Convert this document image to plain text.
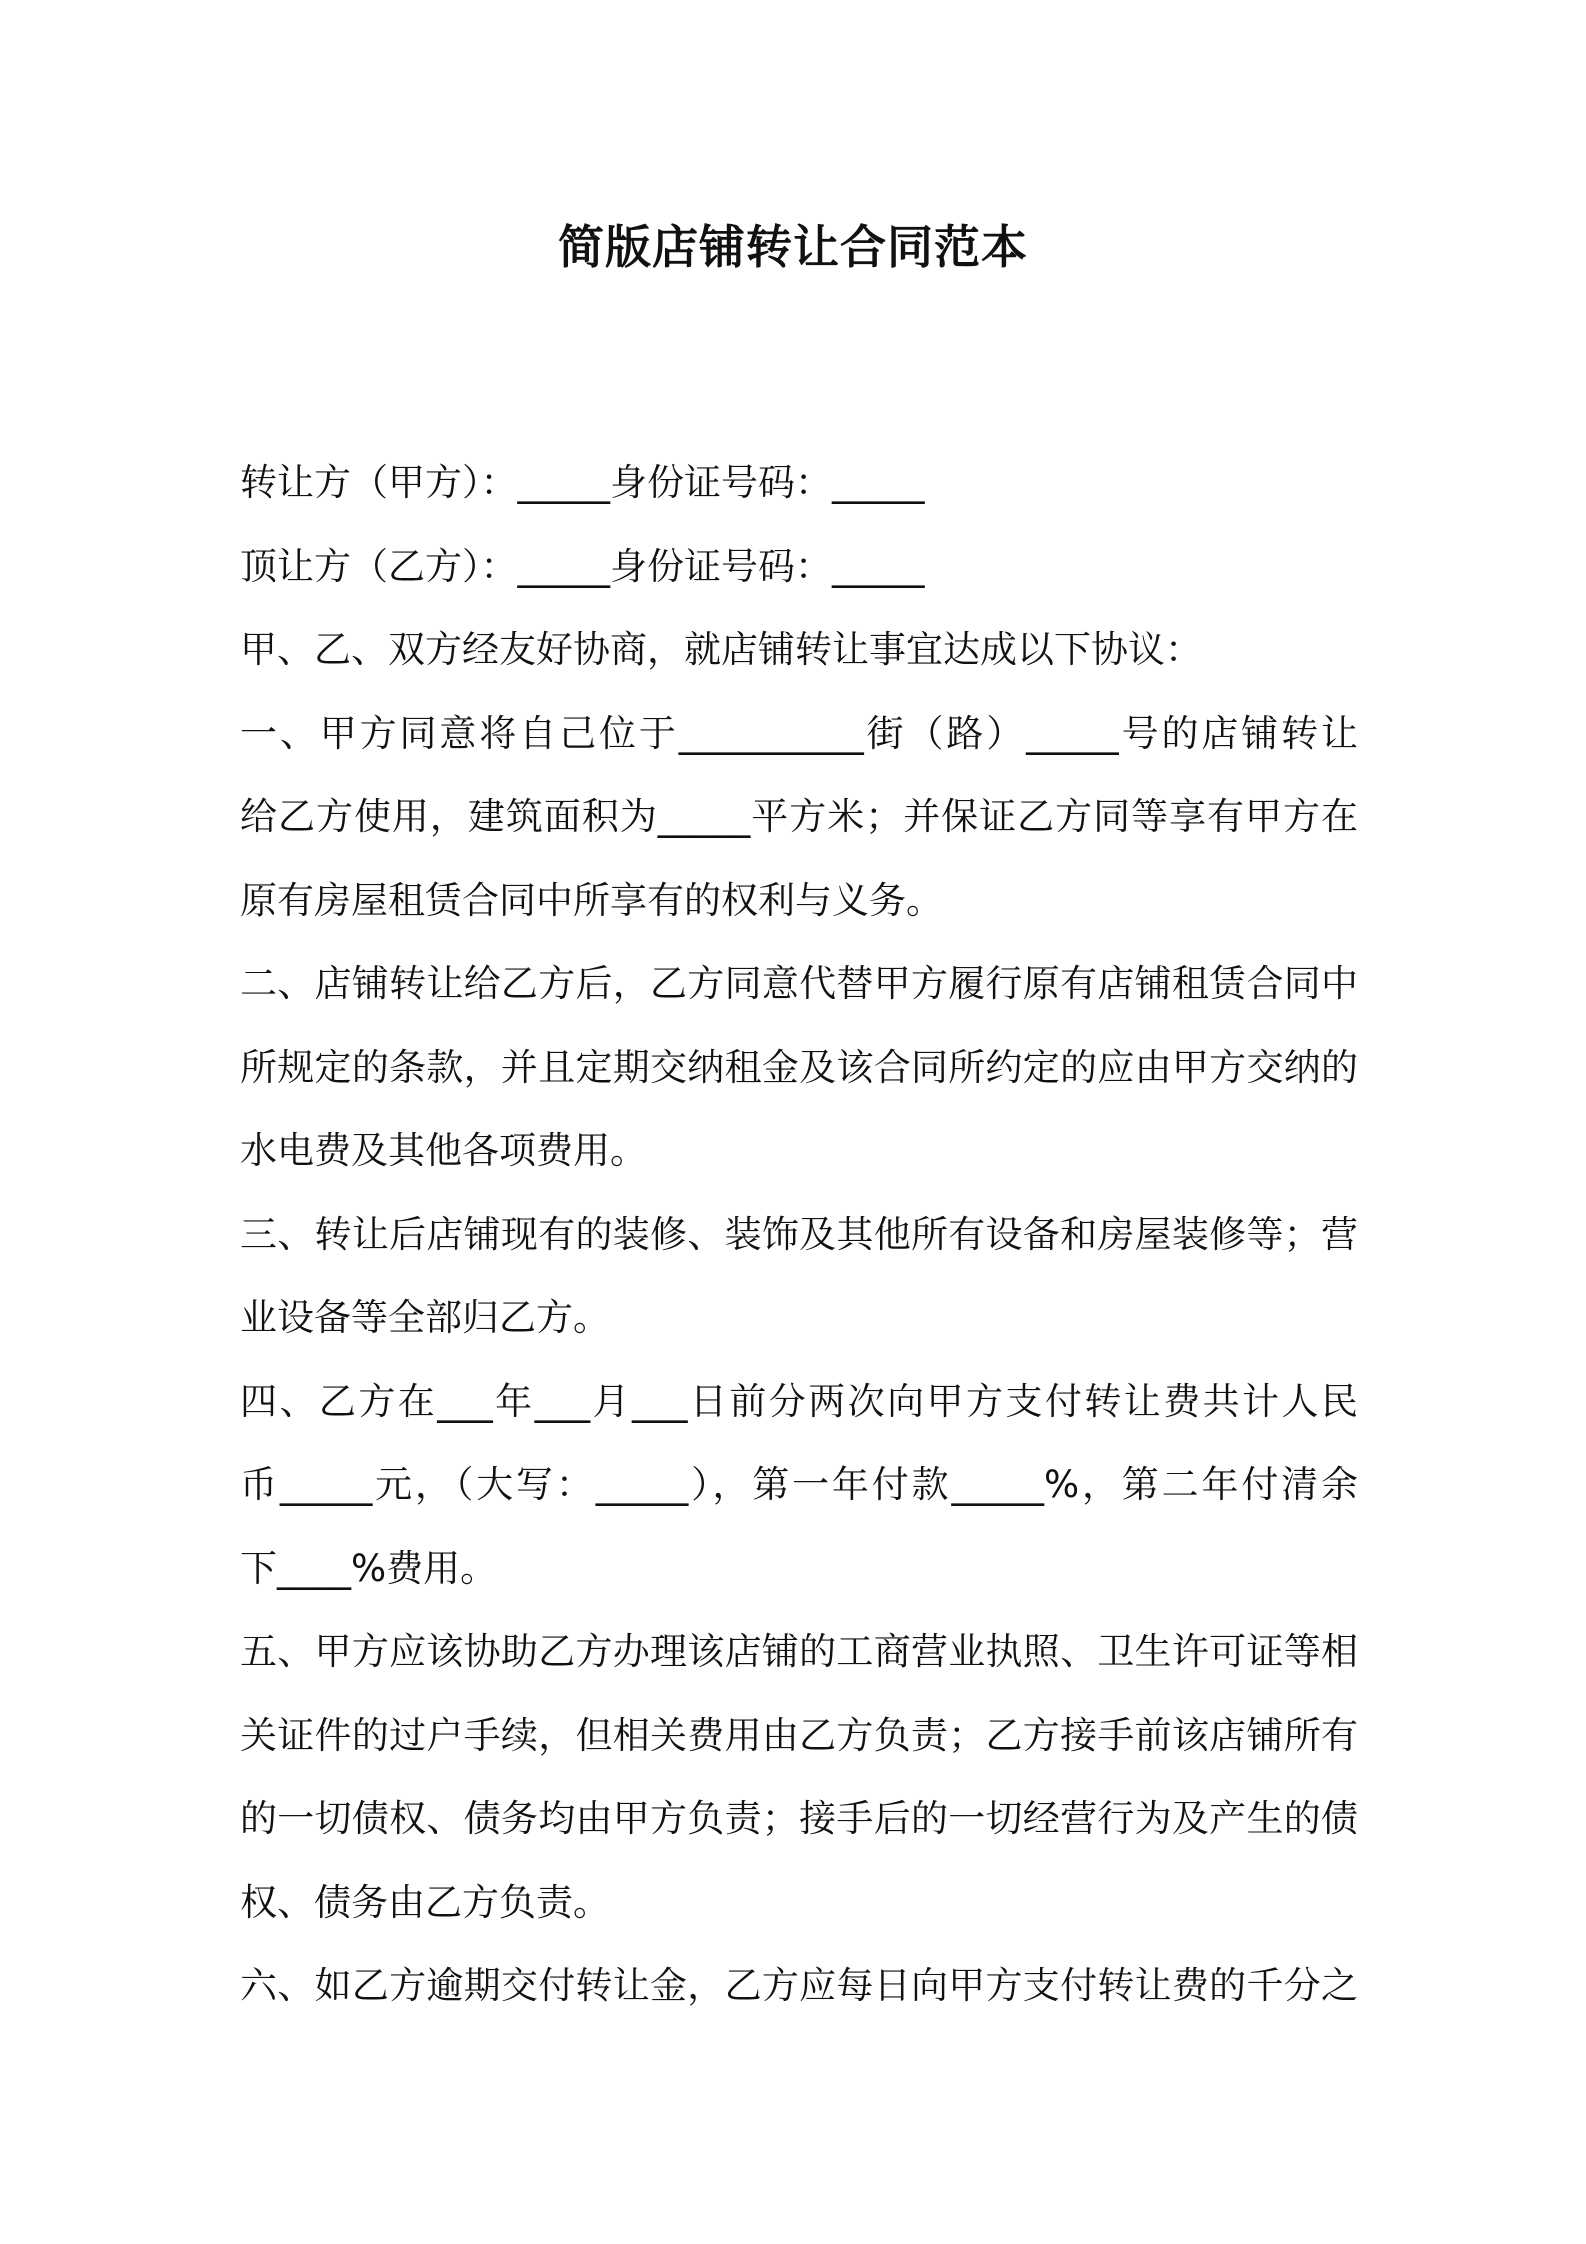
简版店铺转让合同范本
转让方（甲方）：_____身份证号码：_____
顶让方（乙方）：_____身份证号码：_____
甲、乙、双方经友好协商，就店铺转让事宜达成以下协议：
一、甲方同意将自己位于__________街（路）_____号的店铺转让
给乙方使用，建筑面积为_____平方米；并保证乙方同等享有甲方在
原有房屋租赁合同中所享有的权利与义务。
二、店铺转让给乙方后，乙方同意代替甲方履行原有店铺租赁合同中
所规定的条款，并且定期交纳租金及该合同所约定的应由甲方交纳的
水电费及其他各项费用。
三、转让后店铺现有的装修、装饰及其他所有设备和房屋装修等；营
业设备等全部归乙方。
四、乙方在___年___月___日前分两次向甲方支付转让费共计人民
币_____元，（大写：_____），第一年付款_____%，第二年付清余
下____%费用。
五、甲方应该协助乙方办理该店铺的工商营业执照、卫生许可证等相
关证件的过户手续，但相关费用由乙方负责；乙方接手前该店铺所有
的一切债权、债务均由甲方负责；接手后的一切经营行为及产生的债
权、债务由乙方负责。
六、如乙方逾期交付转让金，乙方应每日向甲方支付转让费的千分之
